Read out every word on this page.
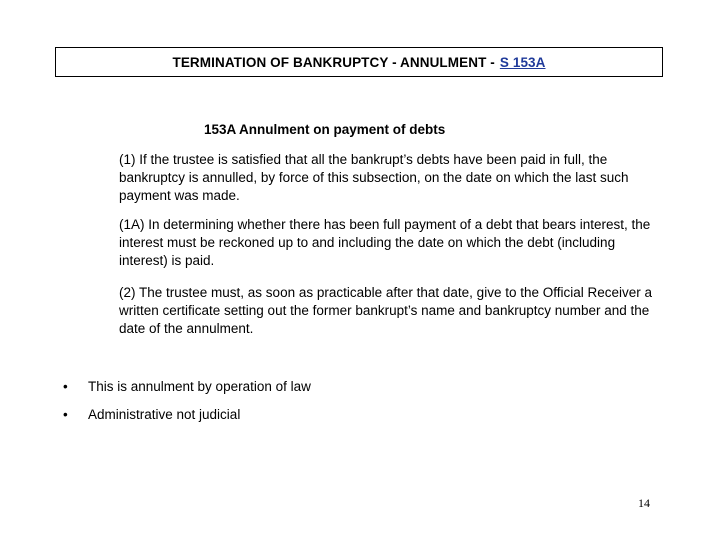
TERMINATION OF BANKRUPTCY - ANNULMENT - S 153A
153A Annulment on payment of debts
(1) If the trustee is satisfied that all the bankrupt’s debts have been paid in full, the bankruptcy is annulled, by force of this subsection, on the date on which the last such payment was made.
(1A) In determining whether there has been full payment of a debt that bears interest, the interest must be reckoned up to and including the date on which the debt (including interest) is paid.
(2) The trustee must, as soon as practicable after that date, give to the Official Receiver a written certificate setting out the former bankrupt’s name and bankruptcy number and the date of the annulment.
• This is annulment by operation of law
• Administrative not judicial
14
